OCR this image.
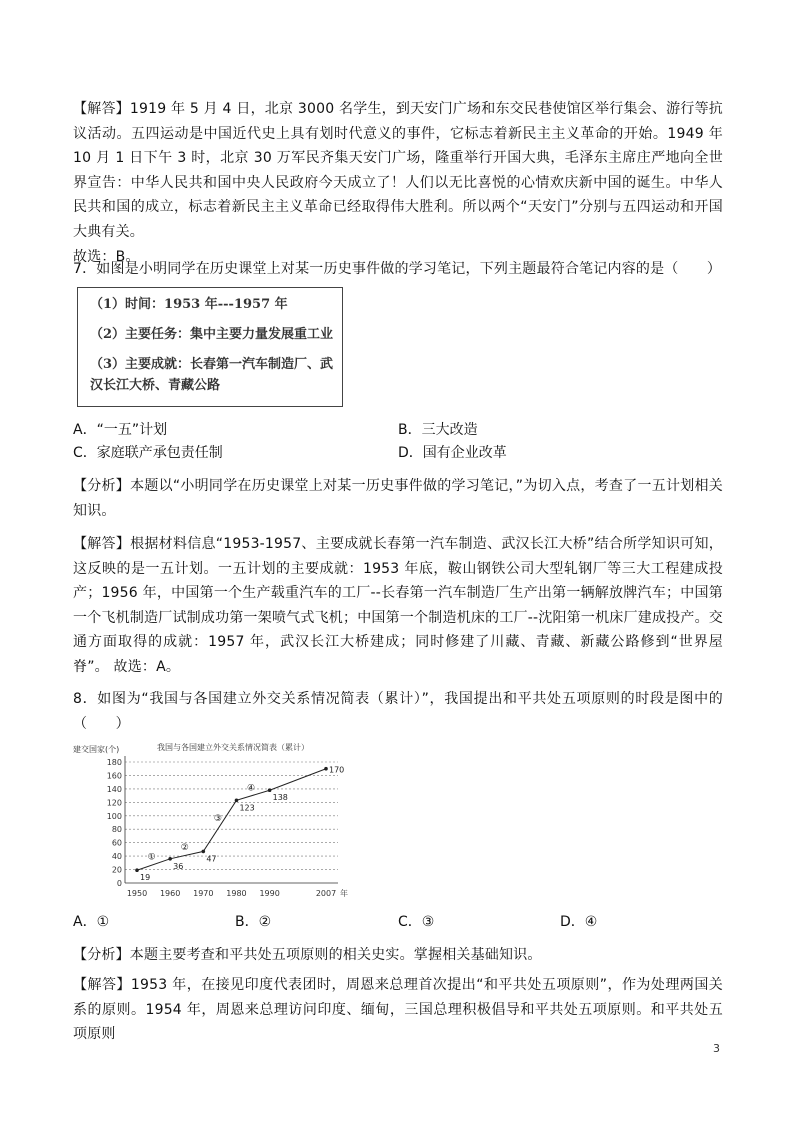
【解答】1919 年 5 月 4 日，北京 3000 名学生，到天安门广场和东交民巷使馆区举行集会、游行等抗议活动。五四运动是中国近代史上具有划时代意义的事件，它标志着新民主主义革命的开始。1949 年 10 月 1 日下午 3 时，北京 30 万军民齐集天安门广场，隆重举行开国大典，毛泽东主席庄严地向全世界宣告：中华人民共和国中央人民政府今天成立了！人们以无比喜悦的心情欢庆新中国的诞生。中华人民共和国的成立，标志着新民主主义革命已经取得伟大胜利。所以两个“天安门”分别与五四运动和开国大典有关。
故选：B。

7．如图是小明同学在历史课堂上对某一历史事件做的学习笔记，下列主题最符合笔记内容的是（　　）

（1）时间：1953 年---1957 年
（2）主要任务：集中主要力量发展重工业
（3）主要成就：长春第一汽车制造厂、武汉长江大桥、青藏公路
A．“一五”计划	B．三大改造
C．家庭联产承包责任制	D．国有企业改革

【分析】本题以“小明同学在历史课堂上对某一历史事件做的学习笔记，”为切入点，考查了一五计划相关知识。

【解答】根据材料信息“1953-1957、主要成就长春第一汽车制造、武汉长江大桥”结合所学知识可知，这反映的是一五计划。一五计划的主要成就：1953 年底，鞍山钢铁公司大型轧钢厂等三大工程建成投产；1956 年，中国第一个生产载重汽车的工厂--长春第一汽车制造厂生产出第一辆解放牌汽车；中国第一个飞机制造厂试制成功第一架喷气式飞机；中国第一个制造机床的工厂--沈阳第一机床厂建成投产。交通方面取得的成就：1957 年，武汉长江大桥建成；同时修建了川藏、青藏、新藏公路修到“世界屋脊”。 故选：A。

8．如图为“我国与各国建立外交关系情况简表（累计）”，我国提出和平共处五项原则的时段是图中的（　　）

我国与各国建立外交关系情况简表（累计）
建交国家(个)
0
20
40
60
80
100
120
140
160
180
1950 1960 1970 1980 1990	2007 年
19
36
47
123
138
170
①
②
③
④
A．①	B．②	C．③	D．④

【分析】本题主要考查和平共处五项原则的相关史实。掌握相关基础知识。

【解答】1953 年，在接见印度代表团时，周恩来总理首次提出“和平共处五项原则”，作为处理两国关系的原则。1954 年，周恩来总理访问印度、缅甸，三国总理积极倡导和平共处五项原则。和平共处五项原则

3
